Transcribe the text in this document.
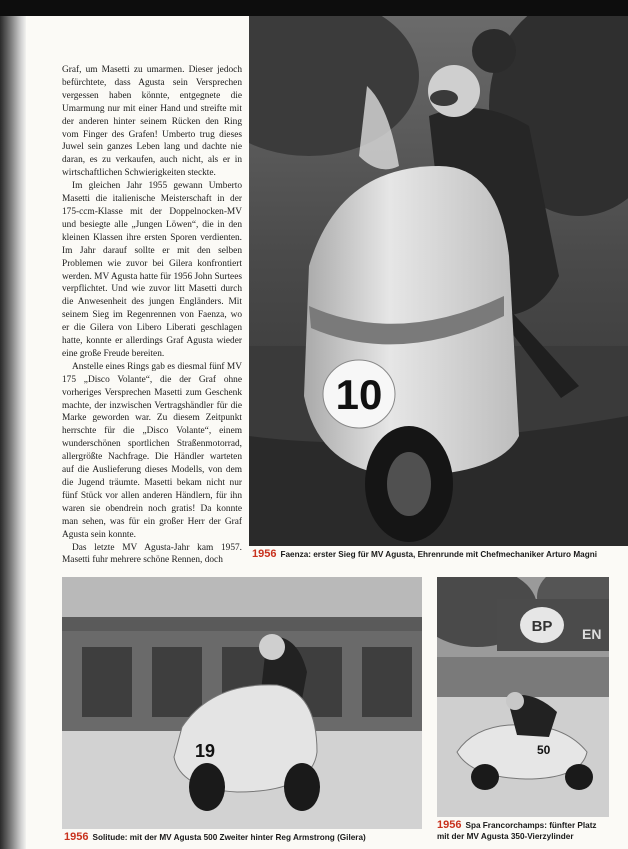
Graf, um Masetti zu umarmen. Dieser jedoch befürchtete, dass Agusta sein Versprechen vergessen haben könnte, entgegnete die Umarmung nur mit einer Hand und streifte mit der anderen hinter seinem Rücken den Ring vom Finger des Grafen! Umberto trug dieses Juwel sein ganzes Leben lang und dachte nie daran, es zu verkaufen, auch nicht, als er in wirtschaftlichen Schwierigkeiten steckte.

Im gleichen Jahr 1955 gewann Umberto Masetti die italienische Meisterschaft in der 175-ccm-Klasse mit der Doppelnocken-MV und besiegte alle „Jungen Löwen“, die in den kleinen Klassen ihre ersten Sporen verdienten. Im Jahr darauf sollte er mit den selben Problemen wie zuvor bei Gilera konfrontiert werden. MV Agusta hatte für 1956 John Surtees verpflichtet. Und wie zuvor litt Masetti durch die Anwesenheit des jungen Engländers. Mit seinem Sieg im Regenrennen von Faenza, wo er die Gilera von Libero Liberati geschlagen hatte, konnte er allerdings Graf Agusta wieder eine große Freude bereiten.

Anstelle eines Rings gab es diesmal fünf MV 175 „Disco Volante“, die der Graf ohne vorheriges Versprechen Masetti zum Geschenk machte, der inzwischen Vertragshändler für die Marke geworden war. Zu diesem Zeitpunkt herrschte für die „Disco Volante“, einem wunderschönen sportlichen Straßenmotorrad, allergrößte Nachfrage. Die Händler warteten auf die Auslieferung dieses Modells, von dem die Jugend träumte. Masetti bekam nicht nur fünf Stück vor allen anderen Händlern, für ihn waren sie obendrein noch gratis! Da konnte man sehen, was für ein großer Herr der Graf Agusta sein konnte.

Das letzte MV Agusta-Jahr kam 1957. Masetti fuhr mehrere schöne Rennen, doch

10
1956 Faenza: erster Sieg für MV Agusta, Ehrenrunde mit Chefmechaniker Arturo Magni
19
1956 Solitude: mit der MV Agusta 500 Zweiter hinter Reg Armstrong (Gilera)
BP EN
50
1956 Spa Francorchamps: fünfter Platz mit der MV Agusta 350-Vierzylinder
